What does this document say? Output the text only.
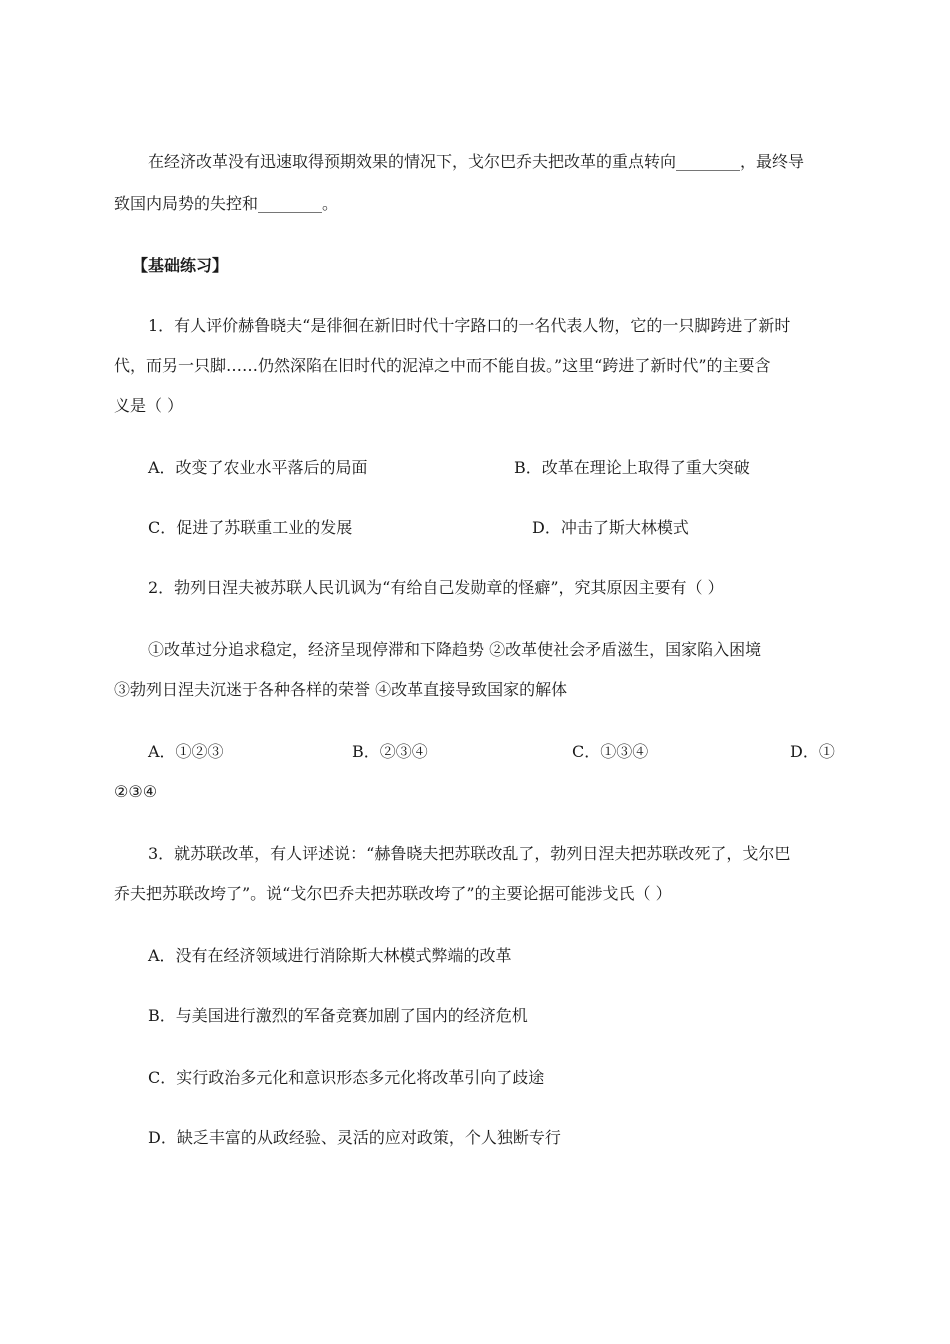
在经济改革没有迅速取得预期效果的情况下，戈尔巴乔夫把改革的重点转向________，最终导
致国内局势的失控和________。
【基础练习】
1．有人评价赫鲁晓夫“是徘徊在新旧时代十字路口的一名代表人物，它的一只脚跨进了新时
代，而另一只脚……仍然深陷在旧时代的泥淖之中而不能自拔。”这里“跨进了新时代”的主要含
义是（ ）
A．改变了农业水平落后的局面	B．改革在理论上取得了重大突破
C．促进了苏联重工业的发展	D．冲击了斯大林模式
2．勃列日涅夫被苏联人民讥讽为“有给自己发勋章的怪癖”，究其原因主要有（ ）
①改革过分追求稳定，经济呈现停滞和下降趋势 ②改革使社会矛盾滋生，国家陷入困境
③勃列日涅夫沉迷于各种各样的荣誉 ④改革直接导致国家的解体
A．①②③	B．②③④	C．①③④	D．①
②③④
3．就苏联改革，有人评述说：“赫鲁晓夫把苏联改乱了，勃列日涅夫把苏联改死了，戈尔巴
乔夫把苏联改垮了”。说“戈尔巴乔夫把苏联改垮了”的主要论据可能涉戈氏（ ）
A．没有在经济领域进行消除斯大林模式弊端的改革
B．与美国进行激烈的军备竞赛加剧了国内的经济危机
C．实行政治多元化和意识形态多元化将改革引向了歧途
D．缺乏丰富的从政经验、灵活的应对政策，个人独断专行
